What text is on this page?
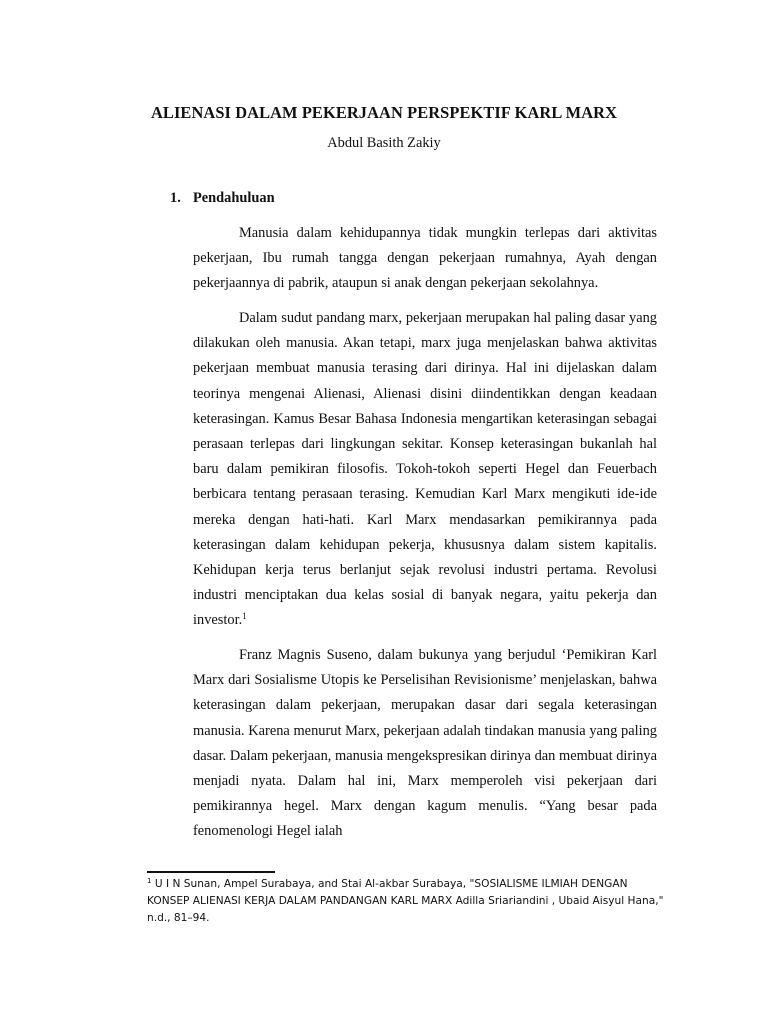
ALIENASI DALAM PEKERJAAN PERSPEKTIF KARL MARX
Abdul Basith Zakiy
1. Pendahuluan

Manusia dalam kehidupannya tidak mungkin terlepas dari aktivitas pekerjaan, Ibu rumah tangga dengan pekerjaan rumahnya, Ayah dengan pekerjaannya di pabrik, ataupun si anak dengan pekerjaan sekolahnya.

Dalam sudut pandang marx, pekerjaan merupakan hal paling dasar yang dilakukan oleh manusia. Akan tetapi, marx juga menjelaskan bahwa aktivitas pekerjaan membuat manusia terasing dari dirinya. Hal ini dijelaskan dalam teorinya mengenai Alienasi, Alienasi disini diindentikkan dengan keadaan keterasingan. Kamus Besar Bahasa Indonesia mengartikan keterasingan sebagai perasaan terlepas dari lingkungan sekitar. Konsep keterasingan bukanlah hal baru dalam pemikiran filosofis. Tokoh-tokoh seperti Hegel dan Feuerbach berbicara tentang perasaan terasing. Kemudian Karl Marx mengikuti ide-ide mereka dengan hati-hati. Karl Marx mendasarkan pemikirannya pada keterasingan dalam kehidupan pekerja, khususnya dalam sistem kapitalis. Kehidupan kerja terus berlanjut sejak revolusi industri pertama. Revolusi industri menciptakan dua kelas sosial di banyak negara, yaitu pekerja dan investor.$^1$

Franz Magnis Suseno, dalam bukunya yang berjudul ‘Pemikiran Karl Marx dari Sosialisme Utopis ke Perselisihan Revisionisme’ menjelaskan, bahwa keterasingan dalam pekerjaan, merupakan dasar dari segala keterasingan manusia. Karena menurut Marx, pekerjaan adalah tindakan manusia yang paling dasar. Dalam pekerjaan, manusia mengekspresikan dirinya dan membuat dirinya menjadi nyata. Dalam hal ini, Marx memperoleh visi pekerjaan dari pemikirannya hegel. Marx dengan kagum menulis. “Yang besar pada fenomenologi Hegel ialah

$^1$ U I N Sunan, Ampel Surabaya, and Stai Al-akbar Surabaya, "SOSIALISME ILMIAH DENGAN KONSEP ALIENASI KERJA DALAM PANDANGAN KARL MARX Adilla Sriariandini , Ubaid Aisyul Hana," n.d., 81–94.
